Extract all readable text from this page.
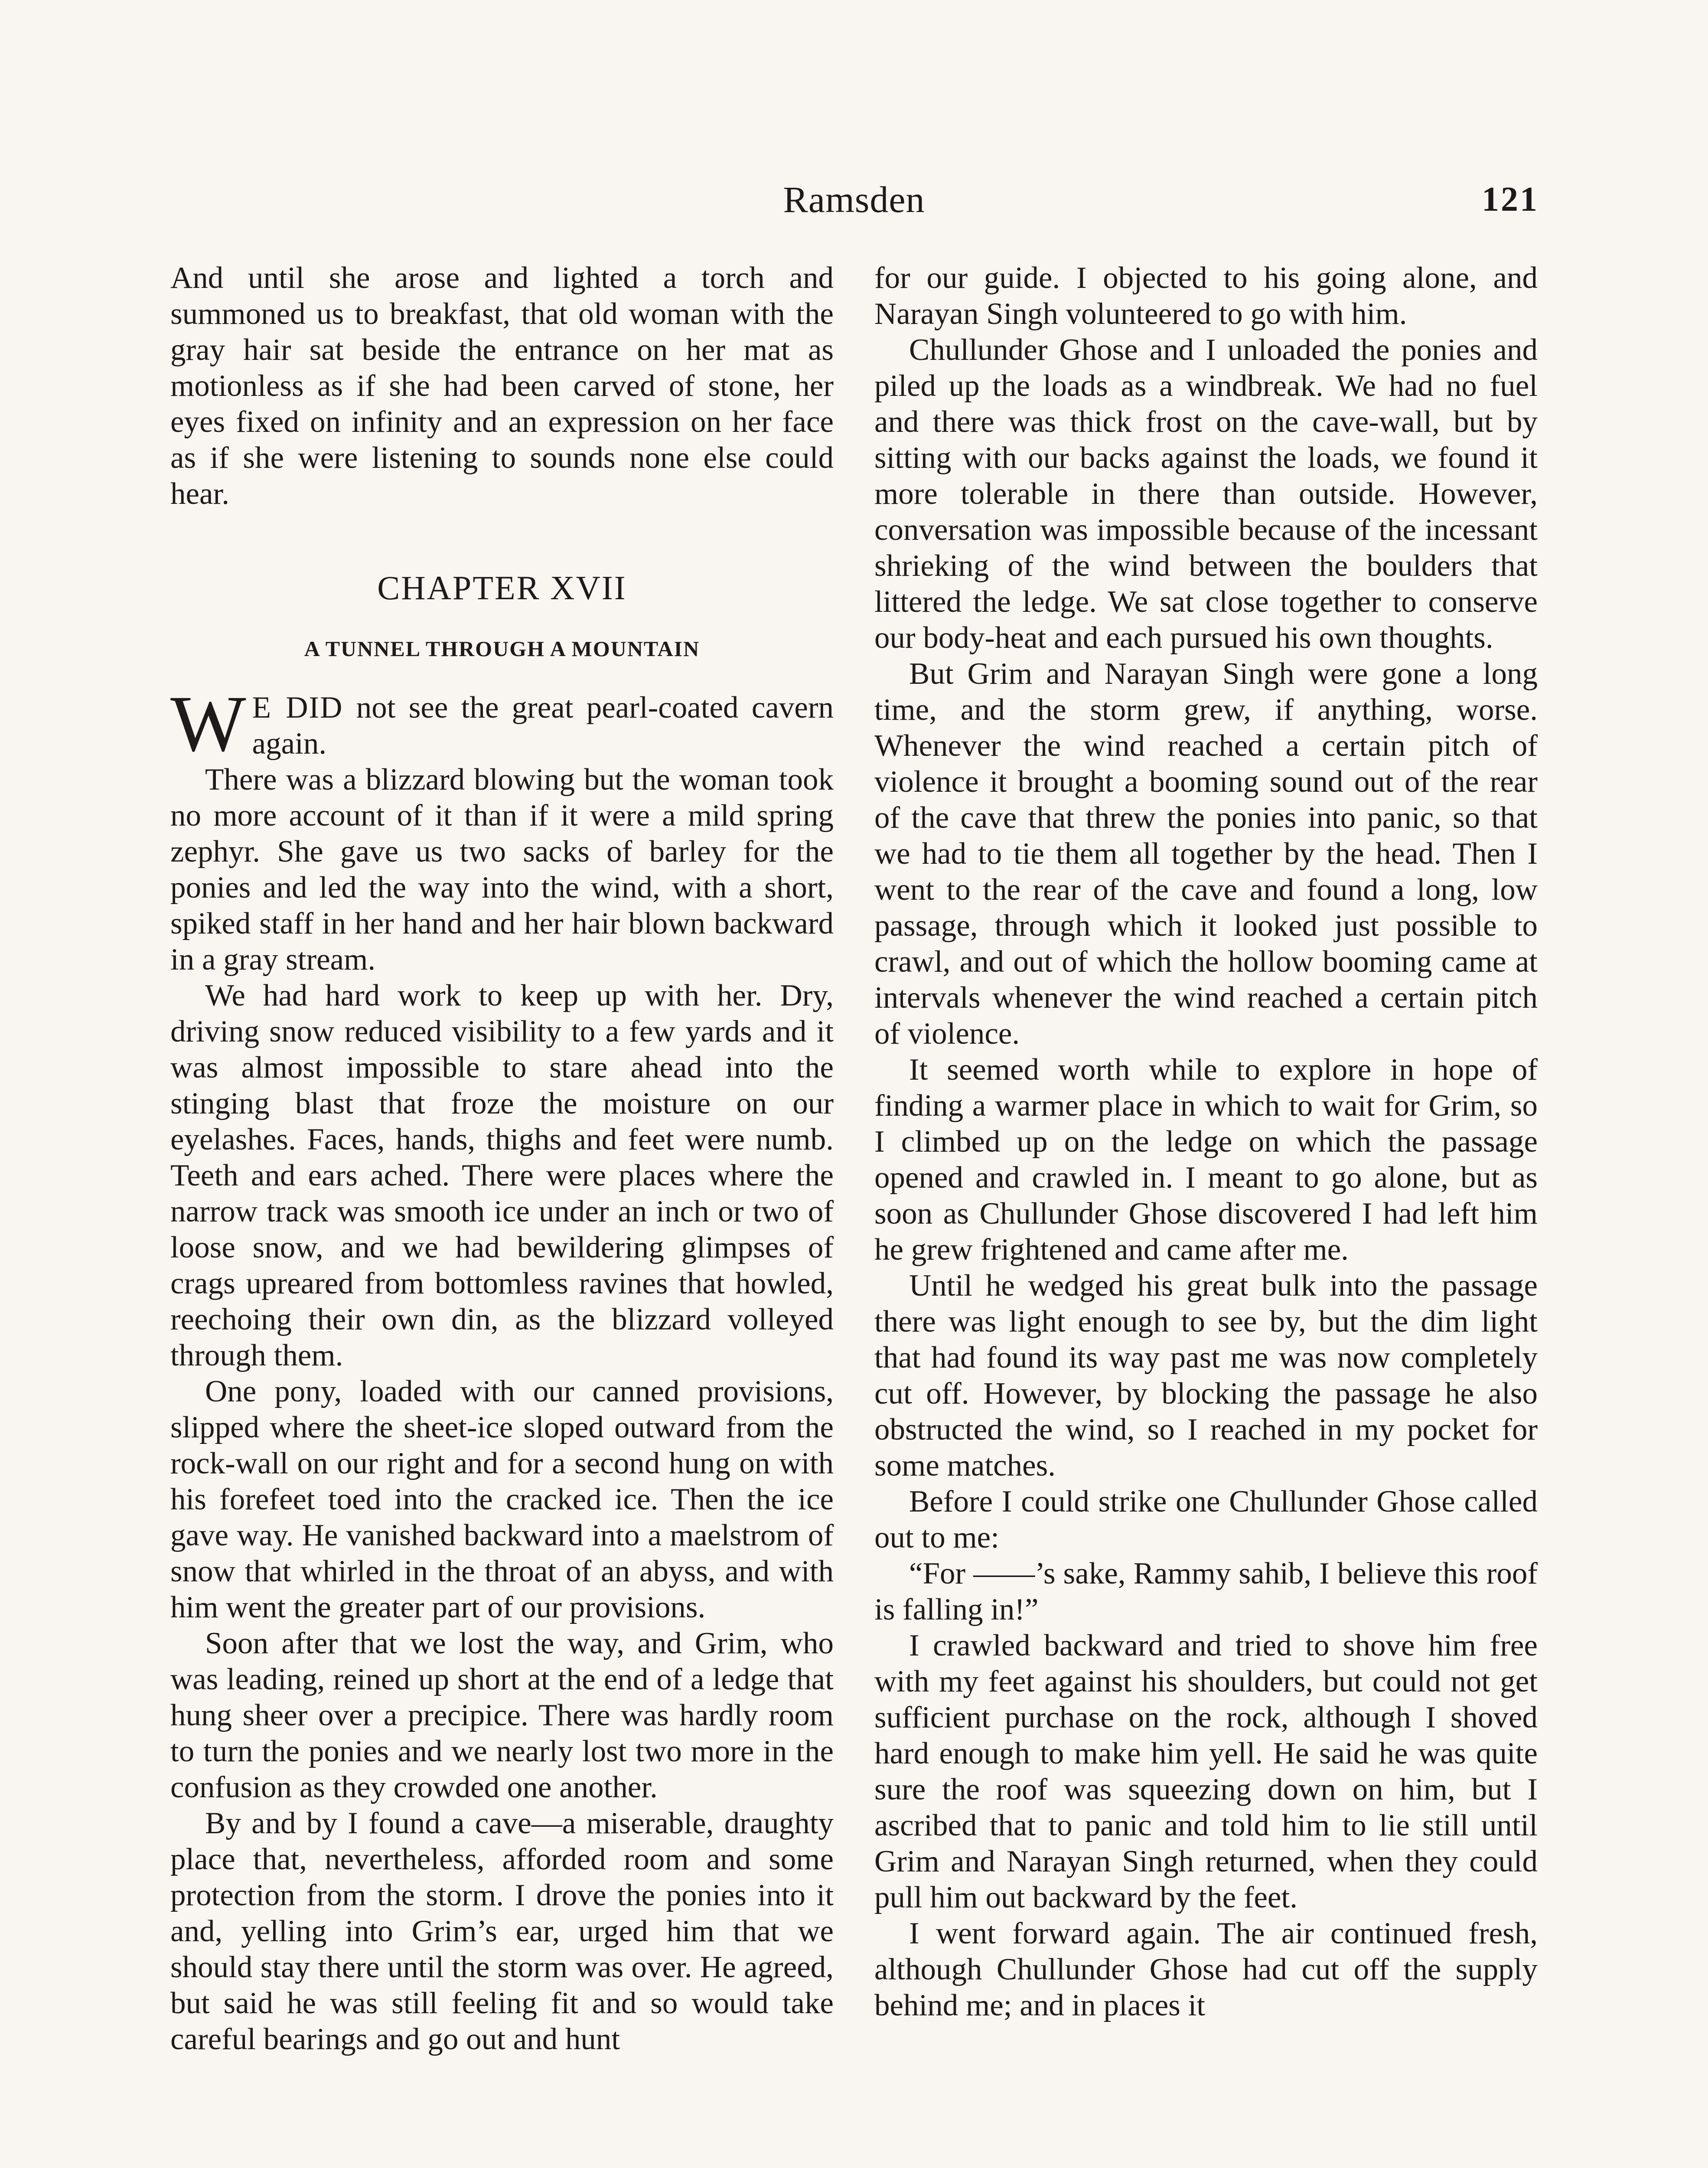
Ramsden	121

And until she arose and lighted a torch and summoned us to breakfast, that old woman with the gray hair sat beside the entrance on her mat as motionless as if she had been carved of stone, her eyes fixed on infinity and an expression on her face as if she were listening to sounds none else could hear.

CHAPTER XVII
A TUNNEL THROUGH A MOUNTAIN

W E DID not see the great pearl-coated cavern again.

There was a blizzard blowing but the woman took no more account of it than if it were a mild spring zephyr. She gave us two sacks of barley for the ponies and led the way into the wind, with a short, spiked staff in her hand and her hair blown backward in a gray stream.

We had hard work to keep up with her. Dry, driving snow reduced visibility to a few yards and it was almost impossible to stare ahead into the stinging blast that froze the moisture on our eyelashes. Faces, hands, thighs and feet were numb. Teeth and ears ached. There were places where the narrow track was smooth ice under an inch or two of loose snow, and we had bewildering glimpses of crags upreared from bottomless ravines that howled, reechoing their own din, as the blizzard volleyed through them.

One pony, loaded with our canned provisions, slipped where the sheet-ice sloped outward from the rock-wall on our right and for a second hung on with his forefeet toed into the cracked ice. Then the ice gave way. He vanished backward into a maelstrom of snow that whirled in the throat of an abyss, and with him went the greater part of our provisions.

Soon after that we lost the way, and Grim, who was leading, reined up short at the end of a ledge that hung sheer over a precipice. There was hardly room to turn the ponies and we nearly lost two more in the confusion as they crowded one another.

By and by I found a cave—a miserable, draughty place that, nevertheless, afforded room and some protection from the storm. I drove the ponies into it and, yelling into Grim’s ear, urged him that we should stay there until the storm was over. He agreed, but said he was still feeling fit and so would take careful bearings and go out and hunt

for our guide. I objected to his going alone, and Narayan Singh volunteered to go with him.

Chullunder Ghose and I unloaded the ponies and piled up the loads as a windbreak. We had no fuel and there was thick frost on the cave-wall, but by sitting with our backs against the loads, we found it more tolerable in there than outside. However, conversation was impossible because of the incessant shrieking of the wind between the boulders that littered the ledge. We sat close together to conserve our body-heat and each pursued his own thoughts.

But Grim and Narayan Singh were gone a long time, and the storm grew, if anything, worse. Whenever the wind reached a certain pitch of violence it brought a booming sound out of the rear of the cave that threw the ponies into panic, so that we had to tie them all together by the head. Then I went to the rear of the cave and found a long, low passage, through which it looked just possible to crawl, and out of which the hollow booming came at intervals whenever the wind reached a certain pitch of violence.

It seemed worth while to explore in hope of finding a warmer place in which to wait for Grim, so I climbed up on the ledge on which the passage opened and crawled in. I meant to go alone, but as soon as Chullunder Ghose discovered I had left him he grew frightened and came after me.

Until he wedged his great bulk into the passage there was light enough to see by, but the dim light that had found its way past me was now completely cut off. However, by blocking the passage he also obstructed the wind, so I reached in my pocket for some matches.

Before I could strike one Chullunder Ghose called out to me:

“For ——’s sake, Rammy sahib, I believe this roof is falling in!”

I crawled backward and tried to shove him free with my feet against his shoulders, but could not get sufficient purchase on the rock, although I shoved hard enough to make him yell. He said he was quite sure the roof was squeezing down on him, but I ascribed that to panic and told him to lie still until Grim and Narayan Singh returned, when they could pull him out backward by the feet.

I went forward again. The air continued fresh, although Chullunder Ghose had cut off the supply behind me; and in places it
